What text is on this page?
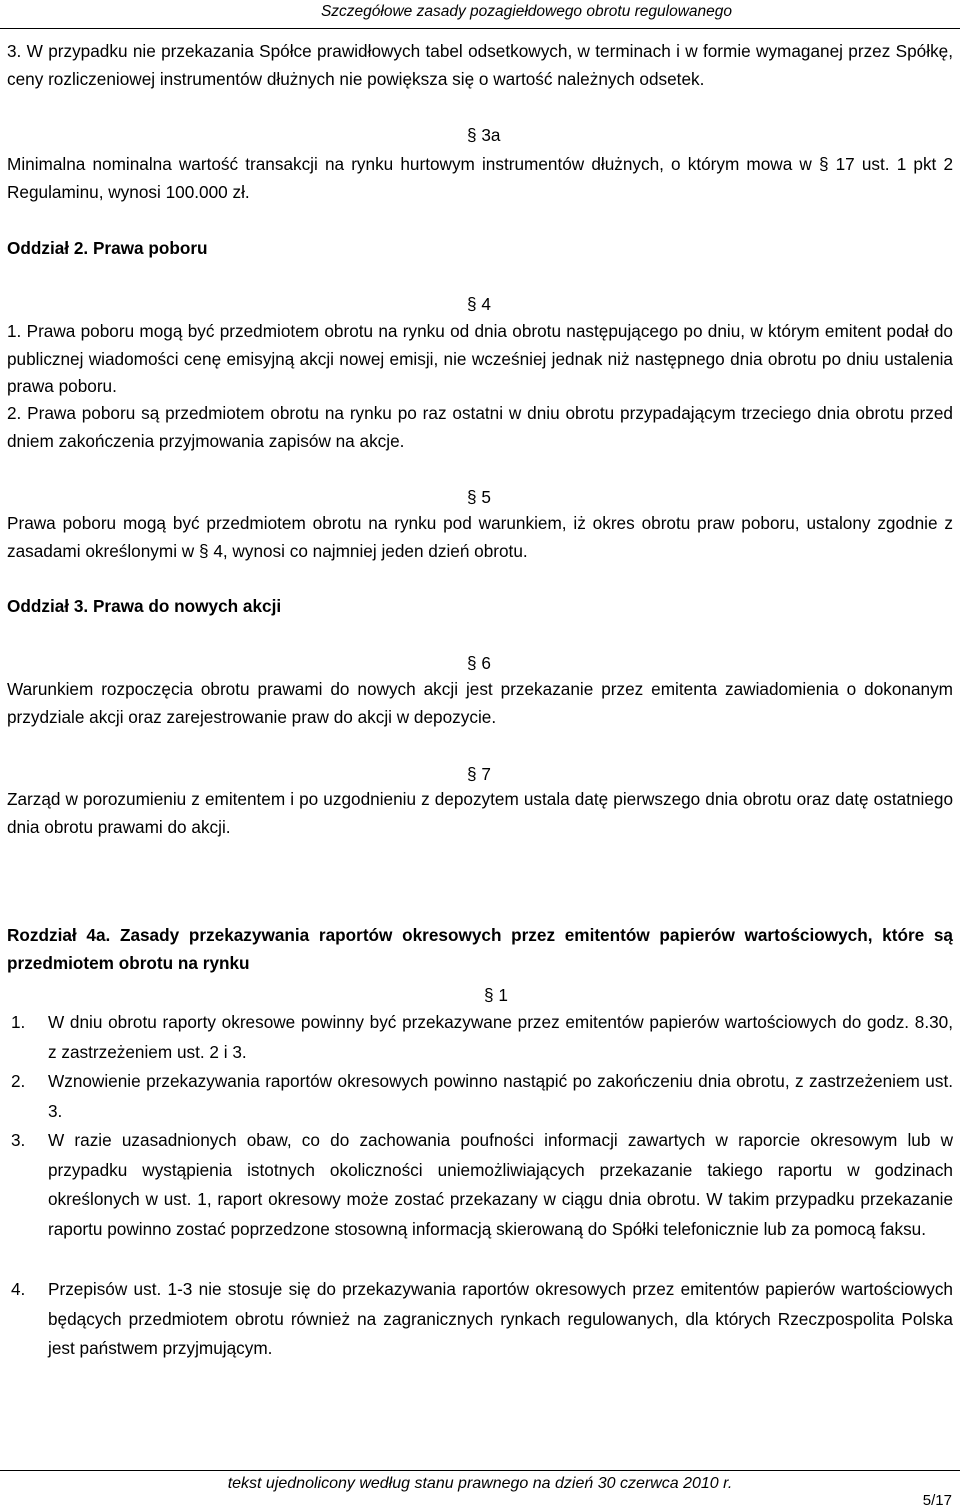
Szczegółowe zasady pozagiełdowego obrotu regulowanego
3. W przypadku nie przekazania Spółce prawidłowych tabel odsetkowych, w terminach i w formie wymaganej przez Spółkę, ceny rozliczeniowej instrumentów dłużnych nie powiększa się o wartość należnych odsetek.
§ 3a
Minimalna nominalna wartość transakcji na rynku hurtowym instrumentów dłużnych, o którym mowa w § 17 ust. 1 pkt 2 Regulaminu, wynosi 100.000 zł.
Oddział 2. Prawa poboru
§ 4
1. Prawa poboru mogą być przedmiotem obrotu na rynku od dnia obrotu następującego po dniu, w którym emitent podał do publicznej wiadomości cenę emisyjną akcji nowej emisji, nie wcześniej jednak niż następnego dnia obrotu po dniu ustalenia prawa poboru.
2. Prawa poboru są przedmiotem obrotu na rynku po raz ostatni w dniu obrotu przypadającym trzeciego dnia obrotu przed dniem zakończenia przyjmowania zapisów na akcje.
§ 5
Prawa poboru mogą być przedmiotem obrotu na rynku pod warunkiem, iż okres obrotu praw poboru, ustalony zgodnie z zasadami określonymi w § 4, wynosi co najmniej jeden dzień obrotu.
Oddział 3. Prawa do nowych akcji
§ 6
Warunkiem rozpoczęcia obrotu prawami do nowych akcji jest przekazanie przez emitenta zawiadomienia o dokonanym przydziale akcji oraz zarejestrowanie praw do akcji w depozycie.
§ 7
Zarząd w porozumieniu z emitentem i po uzgodnieniu z depozytem ustala datę pierwszego dnia obrotu oraz datę ostatniego dnia obrotu prawami do akcji.
Rozdział 4a. Zasady przekazywania raportów okresowych przez emitentów papierów wartościowych, które są przedmiotem obrotu na rynku
§ 1
1. W dniu obrotu raporty okresowe powinny być przekazywane przez emitentów papierów wartościowych do godz. 8.30, z zastrzeżeniem ust. 2 i 3.
2. Wznowienie przekazywania raportów okresowych powinno nastąpić po zakończeniu dnia obrotu, z zastrzeżeniem ust. 3.
3. W razie uzasadnionych obaw, co do zachowania poufności informacji zawartych w raporcie okresowym lub w przypadku wystąpienia istotnych okoliczności uniemożliwiających przekazanie takiego raportu w godzinach określonych w ust. 1, raport okresowy może zostać przekazany w ciągu dnia obrotu. W takim przypadku przekazanie raportu powinno zostać poprzedzone stosowną informacją skierowaną do Spółki telefonicznie lub za pomocą faksu.
4. Przepisów ust. 1-3 nie stosuje się do przekazywania raportów okresowych przez emitentów papierów wartościowych będących przedmiotem obrotu również na zagranicznych rynkach regulowanych, dla których Rzeczpospolita Polska jest państwem przyjmującym.
tekst ujednolicony według stanu prawnego na dzień 30 czerwca 2010 r.
5/17
